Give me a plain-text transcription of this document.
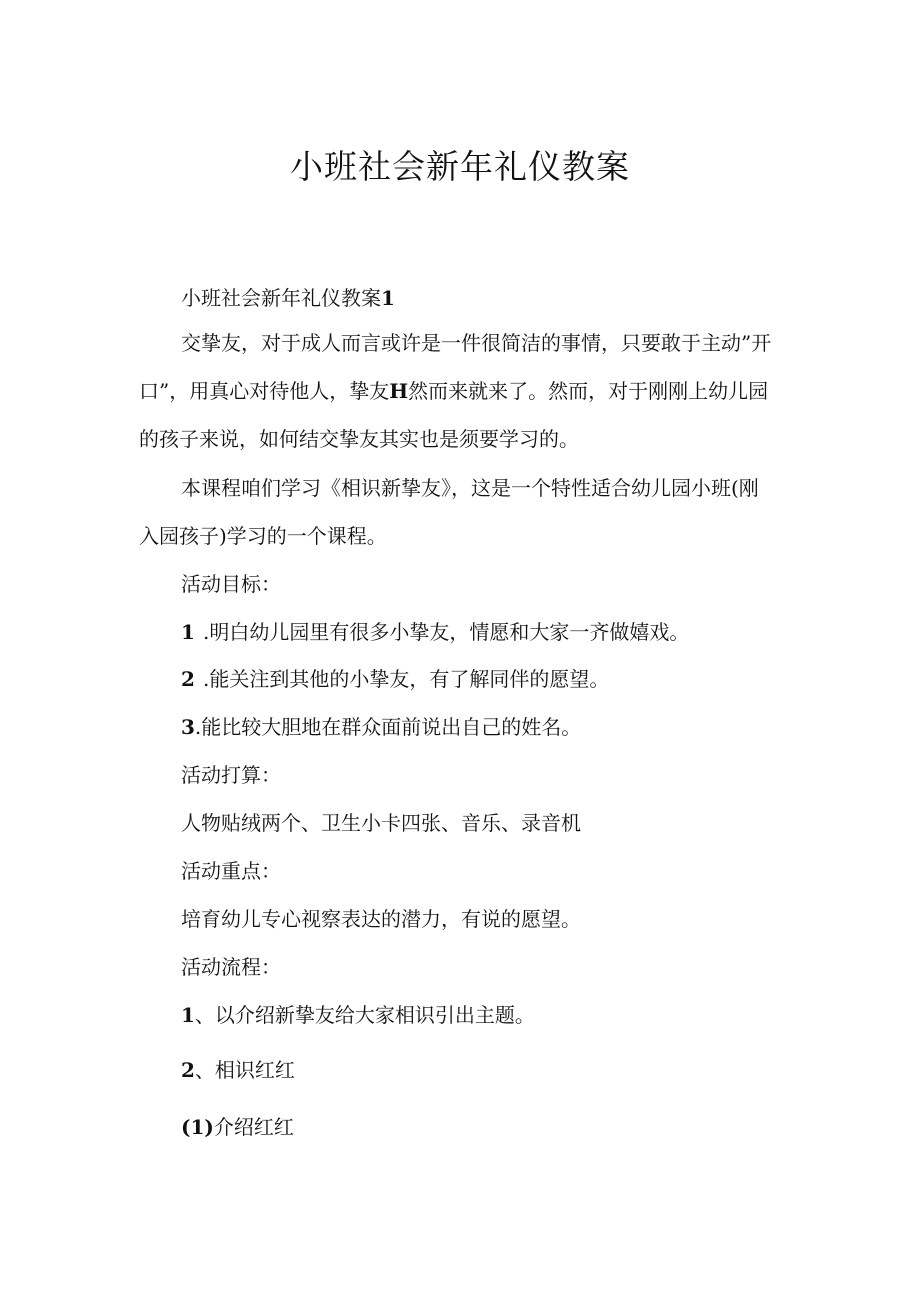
小班社会新年礼仪教案

小班社会新年礼仪教案1

交挚友，对于成人而言或许是一件很简洁的事情，只要敢于主动”开

口”，用真心对待他人，挚友H然而来就来了。然而，对于刚刚上幼儿园

的孩子来说，如何结交挚友其实也是须要学习的。

本课程咱们学习《相识新挚友》，这是一个特性适合幼儿园小班(刚

入园孩子)学习的一个课程。

活动目标：

1 .明白幼儿园里有很多小挚友，情愿和大家一齐做嬉戏。

2 .能关注到其他的小挚友，有了解同伴的愿望。

3.能比较大胆地在群众面前说出自己的姓名。

活动打算：

人物贴绒两个、卫生小卡四张、音乐、录音机

活动重点：

培育幼儿专心视察表达的潜力，有说的愿望。

活动流程：

1、以介绍新挚友给大家相识引出主题。

2、相识红红

(1)介绍红红
